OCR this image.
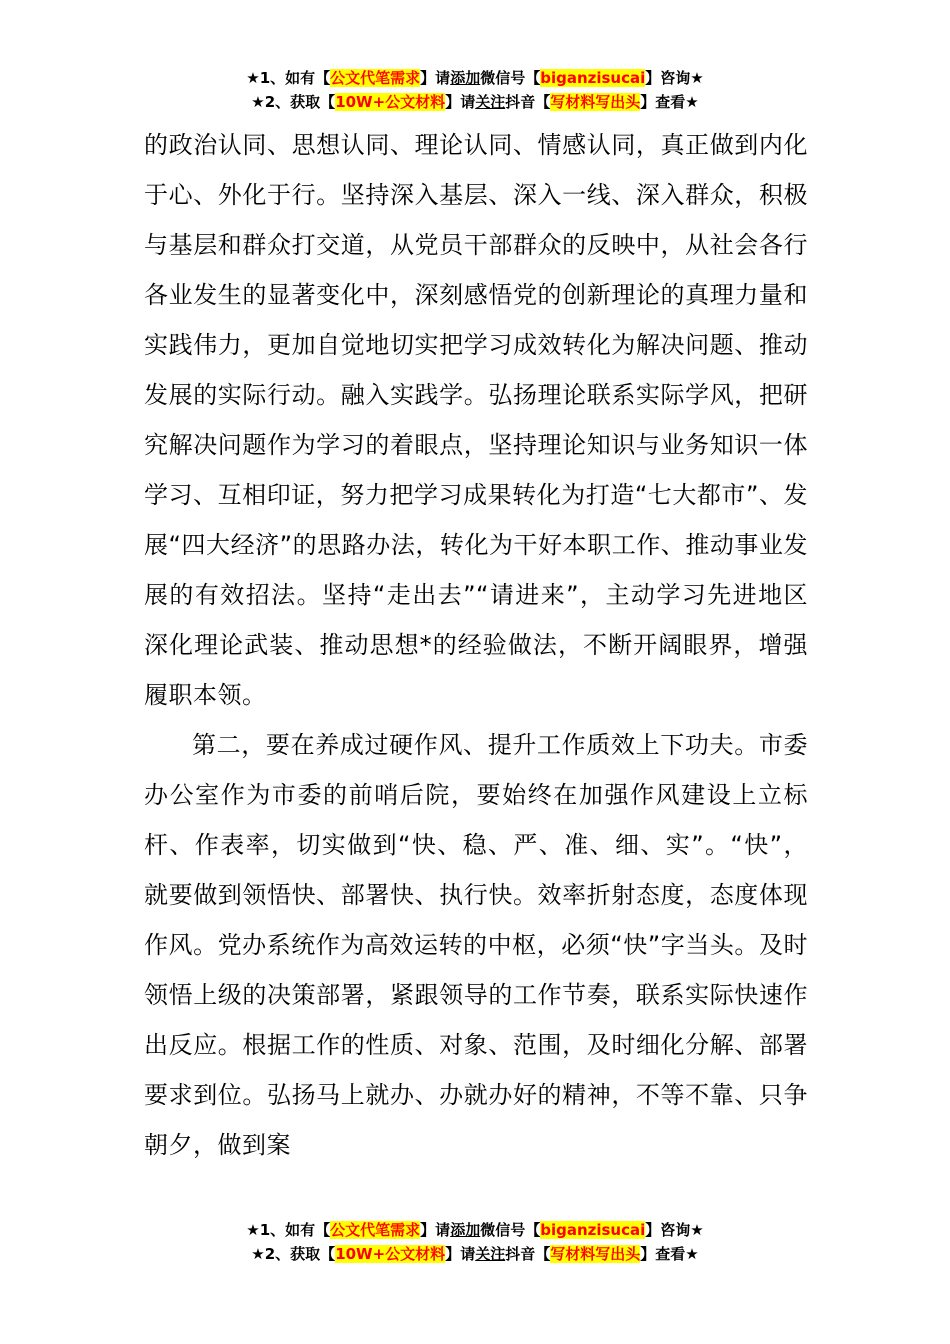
★1、如有【公文代笔需求】请添加微信号【biganzisucai】咨询★
★2、获取【10W+公文材料】请关注抖音【写材料写出头】查看★

的政治认同、思想认同、理论认同、情感认同，真正做到内化于心、外化于行。坚持深入基层、深入一线、深入群众，积极与基层和群众打交道，从党员干部群众的反映中，从社会各行各业发生的显著变化中，深刻感悟党的创新理论的真理力量和实践伟力，更加自觉地切实把学习成效转化为解决问题、推动发展的实际行动。融入实践学。弘扬理论联系实际学风，把研究解决问题作为学习的着眼点，坚持理论知识与业务知识一体学习、互相印证，努力把学习成果转化为打造“七大都市”、发展“四大经济”的思路办法，转化为干好本职工作、推动事业发展的有效招法。坚持“走出去”“请进来”，主动学习先进地区深化理论武装、推动思想*的经验做法，不断开阔眼界，增强履职本领。

第二，要在养成过硬作风、提升工作质效上下功夫。市委办公室作为市委的前哨后院，要始终在加强作风建设上立标杆、作表率，切实做到“快、稳、严、准、细、实”。“快”，就要做到领悟快、部署快、执行快。效率折射态度，态度体现作风。党办系统作为高效运转的中枢，必须“快”字当头。及时领悟上级的决策部署，紧跟领导的工作节奏，联系实际快速作出反应。根据工作的性质、对象、范围，及时细化分解、部署要求到位。弘扬马上就办、办就办好的精神，不等不靠、只争朝夕，做到案

★1、如有【公文代笔需求】请添加微信号【biganzisucai】咨询★
★2、获取【10W+公文材料】请关注抖音【写材料写出头】查看★
